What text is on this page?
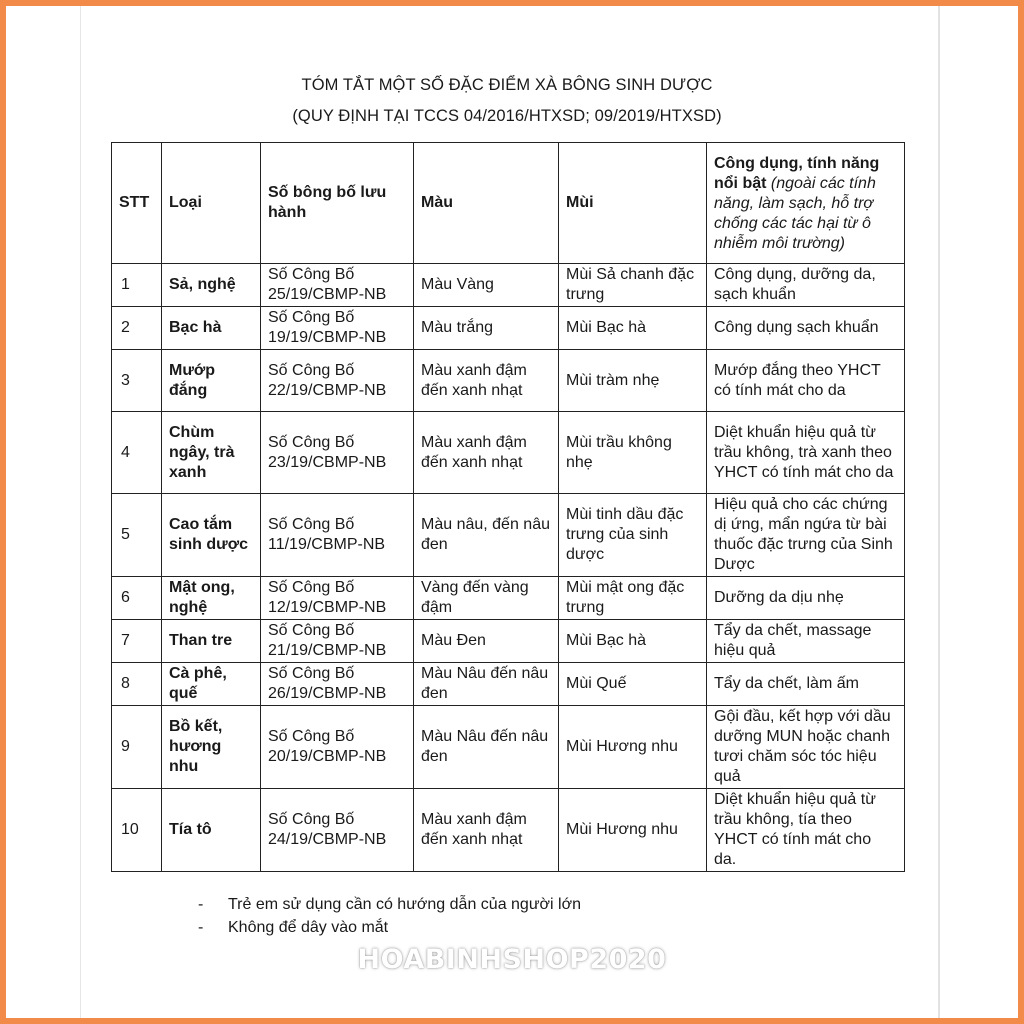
TÓM TẮT MỘT SỐ ĐẶC ĐIỂM XÀ BÔNG SINH DƯỢC
(QUY ĐỊNH TẠI TCCS 04/2016/HTXSD; 09/2019/HTXSD)
STT	Loại	Số bông bố lưu hành	Màu	Mùi	Công dụng, tính năng nổi bật (ngoài các tính năng, làm sạch, hỗ trợ chống các tác hại từ ô nhiễm môi trường)
1	Sả, nghệ	Số Công Bố 25/19/CBMP-NB	Màu Vàng	Mùi Sả chanh đặc trưng	Công dụng, dưỡng da, sạch khuẩn
2	Bạc hà	Số Công Bố 19/19/CBMP-NB	Màu trắng	Mùi Bạc hà	Công dụng sạch khuẩn
3	Mướp đắng	Số Công Bố 22/19/CBMP-NB	Màu xanh đậm đến xanh nhạt	Mùi tràm nhẹ	Mướp đắng theo YHCT có tính mát cho da
4	Chùm ngây, trà xanh	Số Công Bố 23/19/CBMP-NB	Màu xanh đậm đến xanh nhạt	Mùi trầu không nhẹ	Diệt khuẩn hiệu quả từ trầu không, trà xanh theo YHCT có tính mát cho da
5	Cao tắm sinh dược	Số Công Bố 11/19/CBMP-NB	Màu nâu, đến nâu đen	Mùi tinh dầu đặc trưng của sinh dược	Hiệu quả cho các chứng dị ứng, mẩn ngứa từ bài thuốc đặc trưng của Sinh Dược
6	Mật ong, nghệ	Số Công Bố 12/19/CBMP-NB	Vàng đến vàng đậm	Mùi mật ong đặc trưng	Dưỡng da dịu nhẹ
7	Than tre	Số Công Bố 21/19/CBMP-NB	Màu Đen	Mùi Bạc hà	Tẩy da chết, massage hiệu quả
8	Cà phê, quế	Số Công Bố 26/19/CBMP-NB	Màu Nâu đến nâu đen	Mùi Quế	Tẩy da chết, làm ấm
9	Bồ kết, hương nhu	Số Công Bố 20/19/CBMP-NB	Màu Nâu đến nâu đen	Mùi Hương nhu	Gội đầu, kết hợp với dầu dưỡng MUN hoặc chanh tươi chăm sóc tóc hiệu quả
10	Tía tô	Số Công Bố 24/19/CBMP-NB	Màu xanh đậm đến xanh nhạt	Mùi Hương nhu	Diệt khuẩn hiệu quả từ trầu không, tía theo YHCT có tính mát cho da.
- Trẻ em sử dụng cần có hướng dẫn của người lớn
- Không để dây vào mắt
HOABINHSHOP2020
